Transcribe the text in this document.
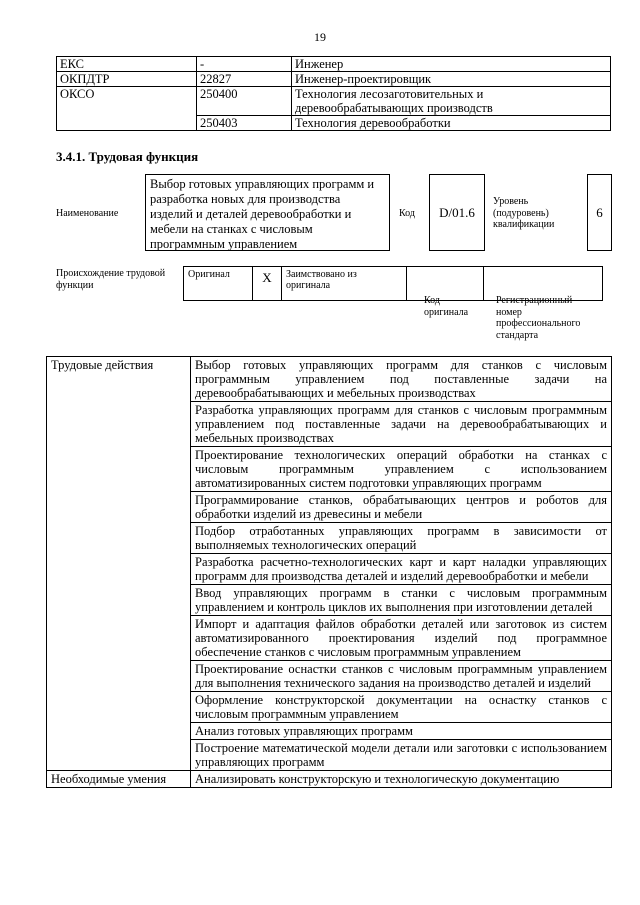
19
ЕКС	-	Инженер
ОКПДТР	22827	Инженер-проектировщик
ОКСО	250400	Технология лесозаготовительных и деревообрабатывающих производств
	250403	Технология деревообработки
3.4.1. Трудовая функция
Наименование
Выбор готовых управляющих программ и разработка новых для производства изделий и деталей деревообработки и мебели на станках с числовым программным управлением
Код	D/01.6
Уровень (подуровень) квалификации
6
Происхождение трудовой функции
Оригинал	X	Заимствовано из оригинала		
Код оригинала
Регистрационный номер профессионального стандарта
Трудовые действия	Выбор готовых управляющих программ для станков с числовым программным управлением под поставленные задачи на деревообрабатывающих и мебельных производствах
	Разработка управляющих программ для станков с числовым программным управлением под поставленные задачи на деревообрабатывающих и мебельных производствах
	Проектирование технологических операций обработки на станках с числовым программным управлением с использованием автоматизированных систем подготовки управляющих программ
	Программирование станков, обрабатывающих центров и роботов для обработки изделий из древесины и мебели
	Подбор отработанных управляющих программ в зависимости от выполняемых технологических операций
	Разработка расчетно-технологических карт и карт наладки управляющих программ для производства деталей и изделий деревообработки и мебели
	Ввод управляющих программ в станки с числовым программным управлением и контроль циклов их выполнения при изготовлении деталей
	Импорт и адаптация файлов обработки деталей или заготовок из систем автоматизированного проектирования изделий под программное обеспечение станков с числовым программным управлением
	Проектирование оснастки станков с числовым программным управлением для выполнения технического задания на производство деталей и изделий
	Оформление конструкторской документации на оснастку станков с числовым программным управлением
	Анализ готовых управляющих программ
	Построение математической модели детали или заготовки с использованием управляющих программ
Необходимые умения	Анализировать конструкторскую и технологическую документацию
